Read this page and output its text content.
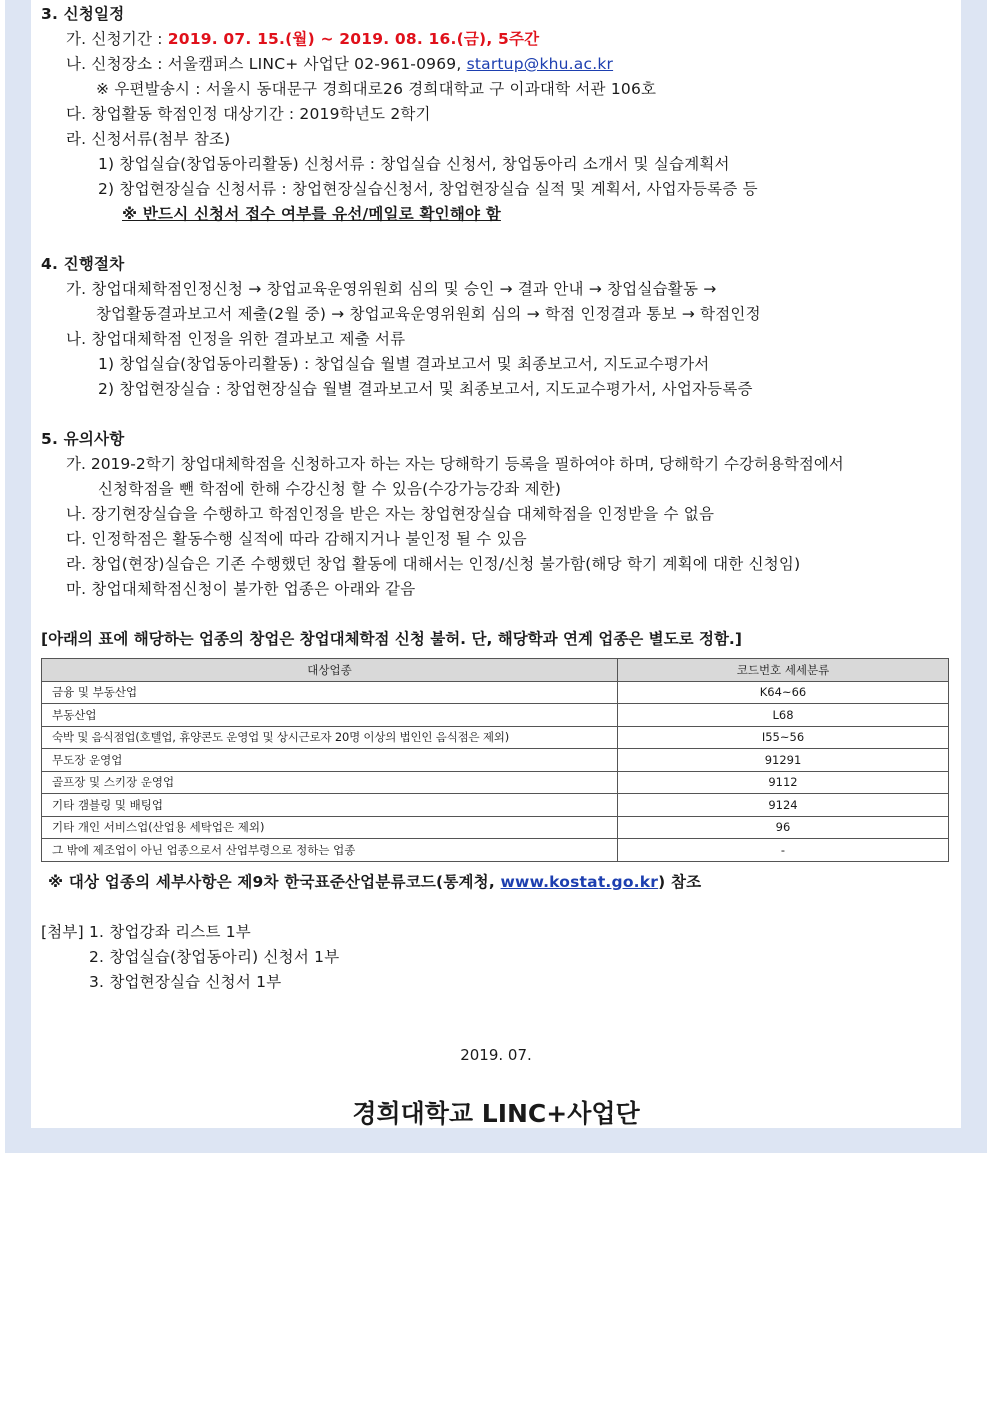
3. 신청일정
가. 신청기간 : 2019. 07. 15.(월) ~ 2019. 08. 16.(금), 5주간
나. 신청장소 : 서울캠퍼스 LINC+ 사업단 02-961-0969, startup@khu.ac.kr
※ 우편발송시 : 서울시 동대문구 경희대로26 경희대학교 구 이과대학 서관 106호
다. 창업활동 학점인정 대상기간 : 2019학년도 2학기
라. 신청서류(첨부 참조)
1) 창업실습(창업동아리활동) 신청서류 : 창업실습 신청서, 창업동아리 소개서 및 실습계획서
2) 창업현장실습 신청서류 : 창업현장실습신청서, 창업현장실습 실적 및 계획서, 사업자등록증 등
※ 반드시 신청서 접수 여부를 유선/메일로 확인해야 함
4. 진행절차
가. 창업대체학점인정신청 → 창업교육운영위원회 심의 및 승인 → 결과 안내 → 창업실습활동 →
창업활동결과보고서 제출(2월 중) → 창업교육운영위원회 심의 → 학점 인정결과 통보 → 학점인정
나. 창업대체학점 인정을 위한 결과보고 제출 서류
1) 창업실습(창업동아리활동) : 창업실습 월별 결과보고서 및 최종보고서, 지도교수평가서
2) 창업현장실습 : 창업현장실습 월별 결과보고서 및 최종보고서, 지도교수평가서, 사업자등록증
5. 유의사항
가. 2019-2학기 창업대체학점을 신청하고자 하는 자는 당해학기 등록을 필하여야 하며, 당해학기 수강허용학점에서
신청학점을 뺀 학점에 한해 수강신청 할 수 있음(수강가능강좌 제한)
나. 장기현장실습을 수행하고 학점인정을 받은 자는 창업현장실습 대체학점을 인정받을 수 없음
다. 인정학점은 활동수행 실적에 따라 감해지거나 불인정 될 수 있음
라. 창업(현장)실습은 기존 수행했던 창업 활동에 대해서는 인정/신청 불가함(해당 학기 계획에 대한 신청임)
마. 창업대체학점신청이 불가한 업종은 아래와 같음
[아래의 표에 해당하는 업종의 창업은 창업대체학점 신청 불허. 단, 해당학과 연계 업종은 별도로 정함.]
대상업종	코드번호 세세분류
금융 및 부동산업	K64~66
부동산업	L68
숙박 및 음식점업(호텔업, 휴양콘도 운영업 및 상시근로자 20명 이상의 법인인 음식점은 제외)	I55~56
무도장 운영업	91291
골프장 및 스키장 운영업	9112
기타 갬블링 및 배팅업	9124
기타 개인 서비스업(산업용 세탁업은 제외)	96
그 밖에 제조업이 아닌 업종으로서 산업부령으로 정하는 업종	-
※ 대상 업종의 세부사항은 제9차 한국표준산업분류코드(통계청, www.kostat.go.kr) 참조
[첨부] 1. 창업강좌 리스트 1부
2. 창업실습(창업동아리) 신청서 1부
3. 창업현장실습 신청서 1부
2019. 07.
경희대학교 LINC+사업단
